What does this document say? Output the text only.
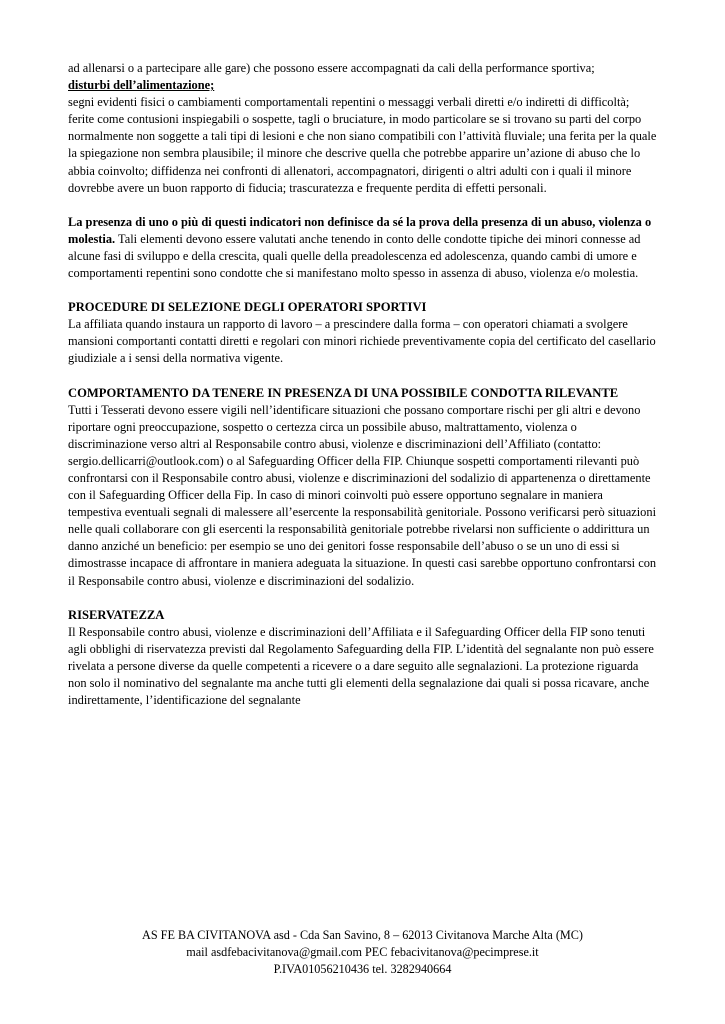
ad allenarsi o a partecipare alle gare) che possono essere accompagnati da cali della performance sportiva;

disturbi dell’alimentazione;

segni evidenti fisici o cambiamenti comportamentali repentini o messaggi verbali diretti e/o indiretti di difficoltà; ferite come contusioni inspiegabili o sospette, tagli o bruciature, in modo particolare se si trovano su parti del corpo normalmente non soggette a tali tipi di lesioni e che non siano compatibili con l’attività fluviale; una ferita per la quale la spiegazione non sembra plausibile; il minore che descrive quella che potrebbe apparire un’azione di abuso che lo abbia coinvolto; diffidenza nei confronti di allenatori, accompagnatori, dirigenti o altri adulti con i quali il minore dovrebbe avere un buon rapporto di fiducia; trascuratezza e frequente perdita di effetti personali.

La presenza di uno o più di questi indicatori non definisce da sé la prova della presenza di un abuso, violenza o molestia. Tali elementi devono essere valutati anche tenendo in conto delle condotte tipiche dei minori connesse ad alcune fasi di sviluppo e della crescita, quali quelle della preadolescenza ed adolescenza, quando cambi di umore e comportamenti repentini sono condotte che si manifestano molto spesso in assenza di abuso, violenza e/o molestia.

PROCEDURE DI SELEZIONE DEGLI OPERATORI SPORTIVI

La affiliata quando instaura un rapporto di lavoro – a prescindere dalla forma – con operatori chiamati a svolgere mansioni comportanti contatti diretti e regolari con minori richiede preventivamente copia del certificato del casellario giudiziale a i sensi della normativa vigente.

COMPORTAMENTO DA TENERE IN PRESENZA DI UNA POSSIBILE CONDOTTA RILEVANTE

Tutti i Tesserati devono essere vigili nell’identificare situazioni che possano comportare rischi per gli altri e devono riportare ogni preoccupazione, sospetto o certezza circa un possibile abuso, maltrattamento, violenza o discriminazione verso altri al Responsabile contro abusi, violenze e discriminazioni dell’Affiliato (contatto: sergio.dellicarri@outlook.com) o al Safeguarding Officer della FIP. Chiunque sospetti comportamenti rilevanti può confrontarsi con il Responsabile contro abusi, violenze e discriminazioni del sodalizio di appartenenza o direttamente con il Safeguarding Officer della Fip. In caso di minori coinvolti può essere opportuno segnalare in maniera tempestiva eventuali segnali di malessere all’esercente la responsabilità genitoriale. Possono verificarsi però situazioni nelle quali collaborare con gli esercenti la responsabilità genitoriale potrebbe rivelarsi non sufficiente o addirittura un danno anziché un beneficio: per esempio se uno dei genitori fosse responsabile dell’abuso o se un uno di essi si dimostrasse incapace di affrontare in maniera adeguata la situazione. In questi casi sarebbe opportuno confrontarsi con il Responsabile contro abusi, violenze e discriminazioni del sodalizio.

RISERVATEZZA

Il Responsabile contro abusi, violenze e discriminazioni dell’Affiliata e il Safeguarding Officer della FIP sono tenuti agli obblighi di riservatezza previsti dal Regolamento Safeguarding della FIP. L’identità del segnalante non può essere rivelata a persone diverse da quelle competenti a ricevere o a dare seguito alle segnalazioni. La protezione riguarda non solo il nominativo del segnalante ma anche tutti gli elementi della segnalazione dai quali si possa ricavare, anche indirettamente, l’identificazione del segnalante

AS FE BA CIVITANOVA asd - Cda San Savino, 8 – 62013 Civitanova Marche Alta (MC)
mail asdfebacivitanova@gmail.com PEC febacivitanova@pecimprese.it
P.IVA01056210436 tel. 3282940664
